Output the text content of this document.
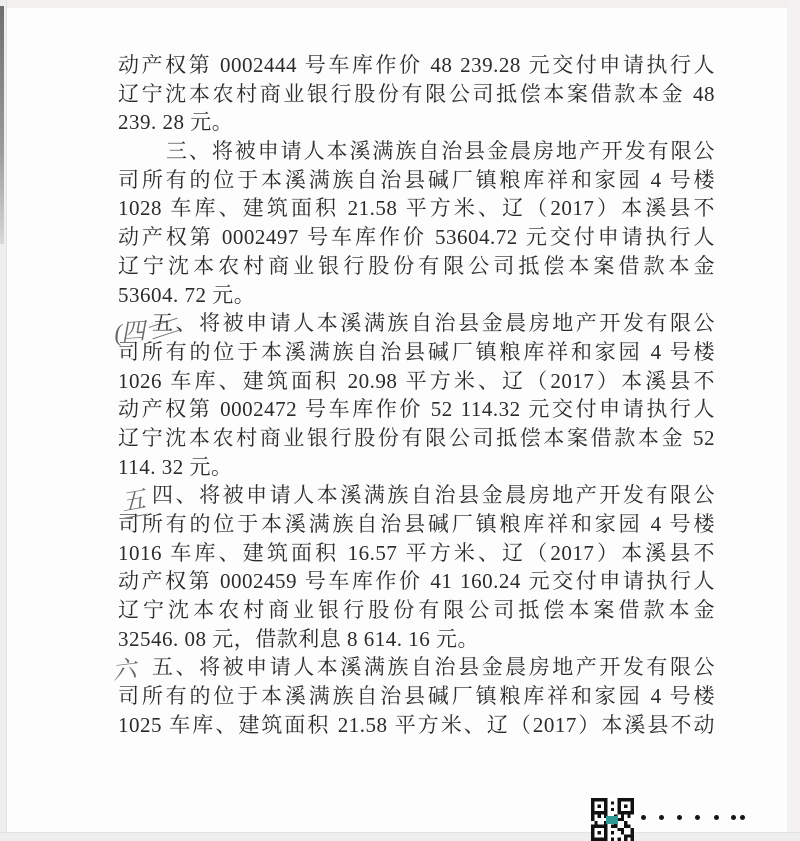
动产权第 0002444 号车库作价 48 239.28 元交付申请执行人
辽宁沈本农村商业银行股份有限公司抵偿本案借款本金 48
239. 28 元。
三、将被申请人本溪满族自治县金晨房地产开发有限公
司所有的位于本溪满族自治县碱厂镇粮库祥和家园 4 号楼
1028 车库、建筑面积 21.58 平方米、辽（2017）本溪县不
动产权第 0002497 号车库作价 53604.72 元交付申请执行人
辽宁沈本农村商业银行股份有限公司抵偿本案借款本金
53604. 72 元。
五、将被申请人本溪满族自治县金晨房地产开发有限公
司所有的位于本溪满族自治县碱厂镇粮库祥和家园 4 号楼
1026 车库、建筑面积 20.98 平方米、辽（2017）本溪县不
动产权第 0002472 号车库作价 52 114.32 元交付申请执行人
辽宁沈本农村商业银行股份有限公司抵偿本案借款本金 52
114. 32 元。
四、将被申请人本溪满族自治县金晨房地产开发有限公
司所有的位于本溪满族自治县碱厂镇粮库祥和家园 4 号楼
1016 车库、建筑面积 16.57 平方米、辽（2017）本溪县不
动产权第 0002459 号车库作价 41 160.24 元交付申请执行人
辽宁沈本农村商业银行股份有限公司抵偿本案借款本金
32546. 08 元，借款利息 8 614. 16 元。
五、将被申请人本溪满族自治县金晨房地产开发有限公
司所有的位于本溪满族自治县碱厂镇粮库祥和家园 4 号楼
1025 车库、建筑面积 21.58 平方米、辽（2017）本溪县不动
(四
五
六
